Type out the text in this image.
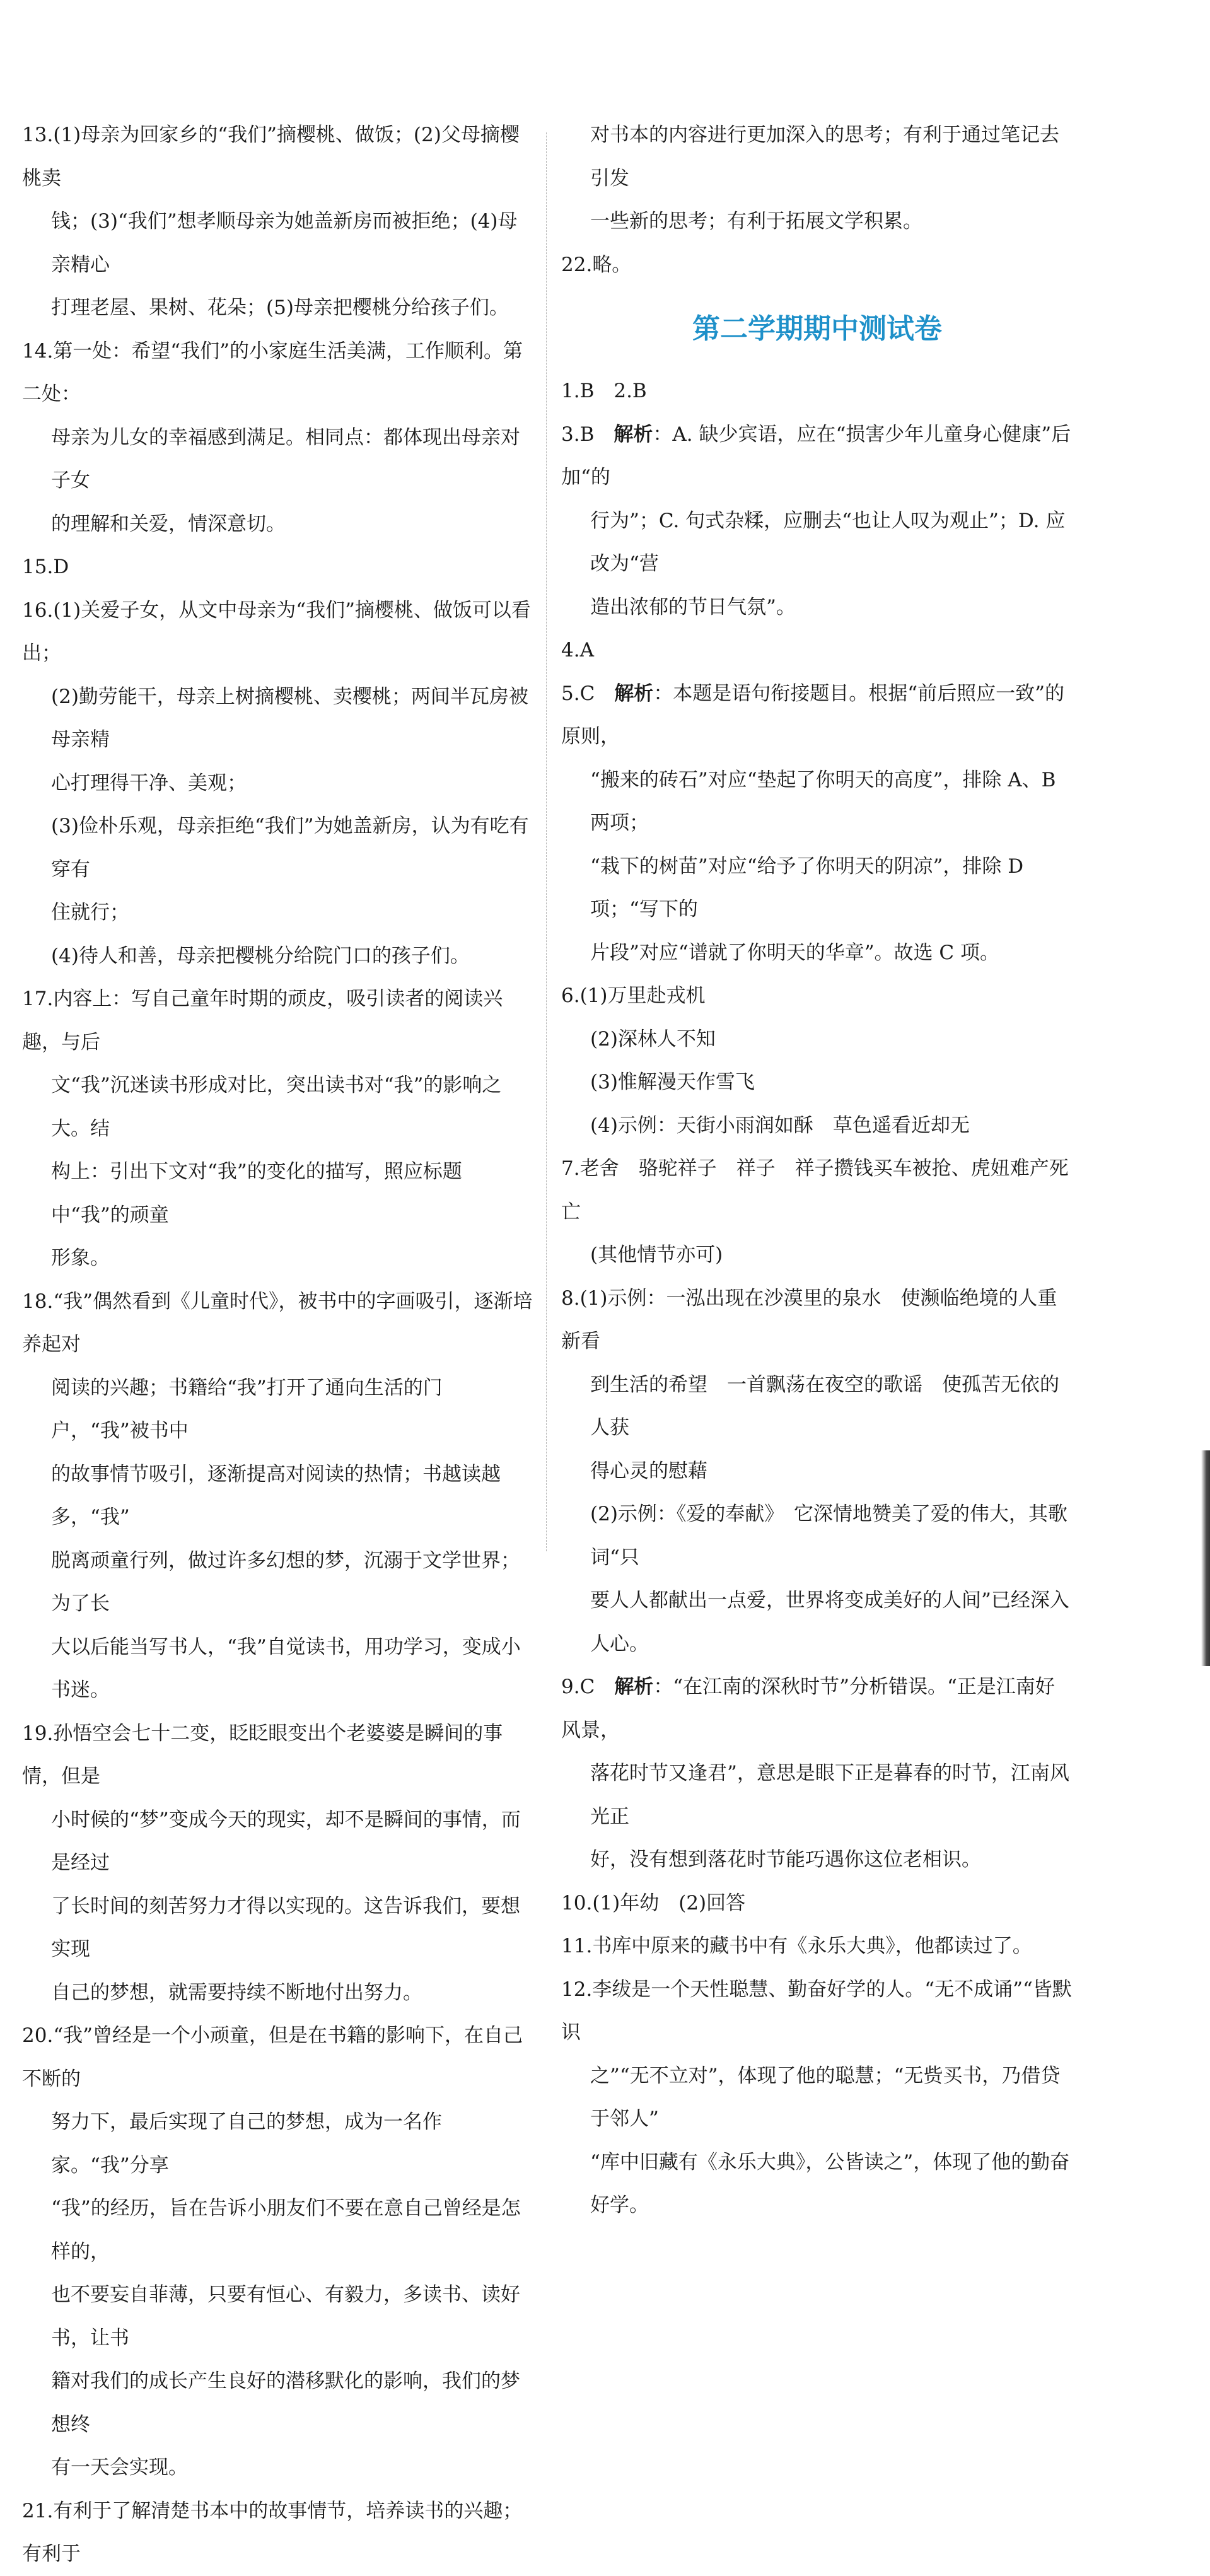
13.(1)母亲为回家乡的“我们”摘樱桃、做饭；(2)父母摘樱桃卖
钱；(3)“我们”想孝顺母亲为她盖新房而被拒绝；(4)母亲精心
打理老屋、果树、花朵；(5)母亲把樱桃分给孩子们。
14.第一处：希望“我们”的小家庭生活美满，工作顺利。第二处：
母亲为儿女的幸福感到满足。相同点：都体现出母亲对子女
的理解和关爱，情深意切。
15.D
16.(1)关爱子女，从文中母亲为“我们”摘樱桃、做饭可以看出；
(2)勤劳能干，母亲上树摘樱桃、卖樱桃；两间半瓦房被母亲精
心打理得干净、美观；
(3)俭朴乐观，母亲拒绝“我们”为她盖新房，认为有吃有穿有
住就行；
(4)待人和善，母亲把樱桃分给院门口的孩子们。
17.内容上：写自己童年时期的顽皮，吸引读者的阅读兴趣，与后
文“我”沉迷读书形成对比，突出读书对“我”的影响之大。结
构上：引出下文对“我”的变化的描写，照应标题中“我”的顽童
形象。
18.“我”偶然看到《儿童时代》，被书中的字画吸引，逐渐培养起对
阅读的兴趣；书籍给“我”打开了通向生活的门户，“我”被书中
的故事情节吸引，逐渐提高对阅读的热情；书越读越多，“我”
脱离顽童行列，做过许多幻想的梦，沉溺于文学世界；为了长
大以后能当写书人，“我”自觉读书，用功学习，变成小书迷。
19.孙悟空会七十二变，眨眨眼变出个老婆婆是瞬间的事情，但是
小时候的“梦”变成今天的现实，却不是瞬间的事情，而是经过
了长时间的刻苦努力才得以实现的。这告诉我们，要想实现
自己的梦想，就需要持续不断地付出努力。
20.“我”曾经是一个小顽童，但是在书籍的影响下，在自己不断的
努力下，最后实现了自己的梦想，成为一名作家。“我”分享
“我”的经历，旨在告诉小朋友们不要在意自己曾经是怎样的，
也不要妄自菲薄，只要有恒心、有毅力，多读书、读好书，让书
籍对我们的成长产生良好的潜移默化的影响，我们的梦想终
有一天会实现。
21.有利于了解清楚书本中的故事情节，培养读书的兴趣；有利于
对书本的内容进行更加深入的思考；有利于通过笔记去引发
一些新的思考；有利于拓展文学积累。
22.略。
第二学期期中测试卷
1.B　2.B
3.B　解析：A. 缺少宾语，应在“损害少年儿童身心健康”后加“的
行为”；C. 句式杂糅，应删去“也让人叹为观止”；D. 应改为“营
造出浓郁的节日气氛”。
4.A
5.C　解析：本题是语句衔接题目。根据“前后照应一致”的原则，
“搬来的砖石”对应“垫起了你明天的高度”，排除 A、B 两项；
“栽下的树苗”对应“给予了你明天的阴凉”，排除 D 项；“写下的
片段”对应“谱就了你明天的华章”。故选 C 项。
6.(1)万里赴戎机
(2)深林人不知
(3)惟解漫天作雪飞
(4)示例：天街小雨润如酥　草色遥看近却无
7.老舍　骆驼祥子　祥子　祥子攒钱买车被抢、虎妞难产死亡
(其他情节亦可)
8.(1)示例：一泓出现在沙漠里的泉水　使濒临绝境的人重新看
到生活的希望　一首飘荡在夜空的歌谣　使孤苦无依的人获
得心灵的慰藉
(2)示例：《爱的奉献》　它深情地赞美了爱的伟大，其歌词“只
要人人都献出一点爱，世界将变成美好的人间”已经深入人心。
9.C　解析：“在江南的深秋时节”分析错误。“正是江南好风景，
落花时节又逢君”，意思是眼下正是暮春的时节，江南风光正
好，没有想到落花时节能巧遇你这位老相识。
10.(1)年幼　(2)回答
11.书库中原来的藏书中有《永乐大典》，他都读过了。
12.李绂是一个天性聪慧、勤奋好学的人。“无不成诵”“皆默识
之”“无不立对”，体现了他的聪慧；“无赀买书，乃借贷于邻人”
“库中旧藏有《永乐大典》，公皆读之”，体现了他的勤奋好学。
